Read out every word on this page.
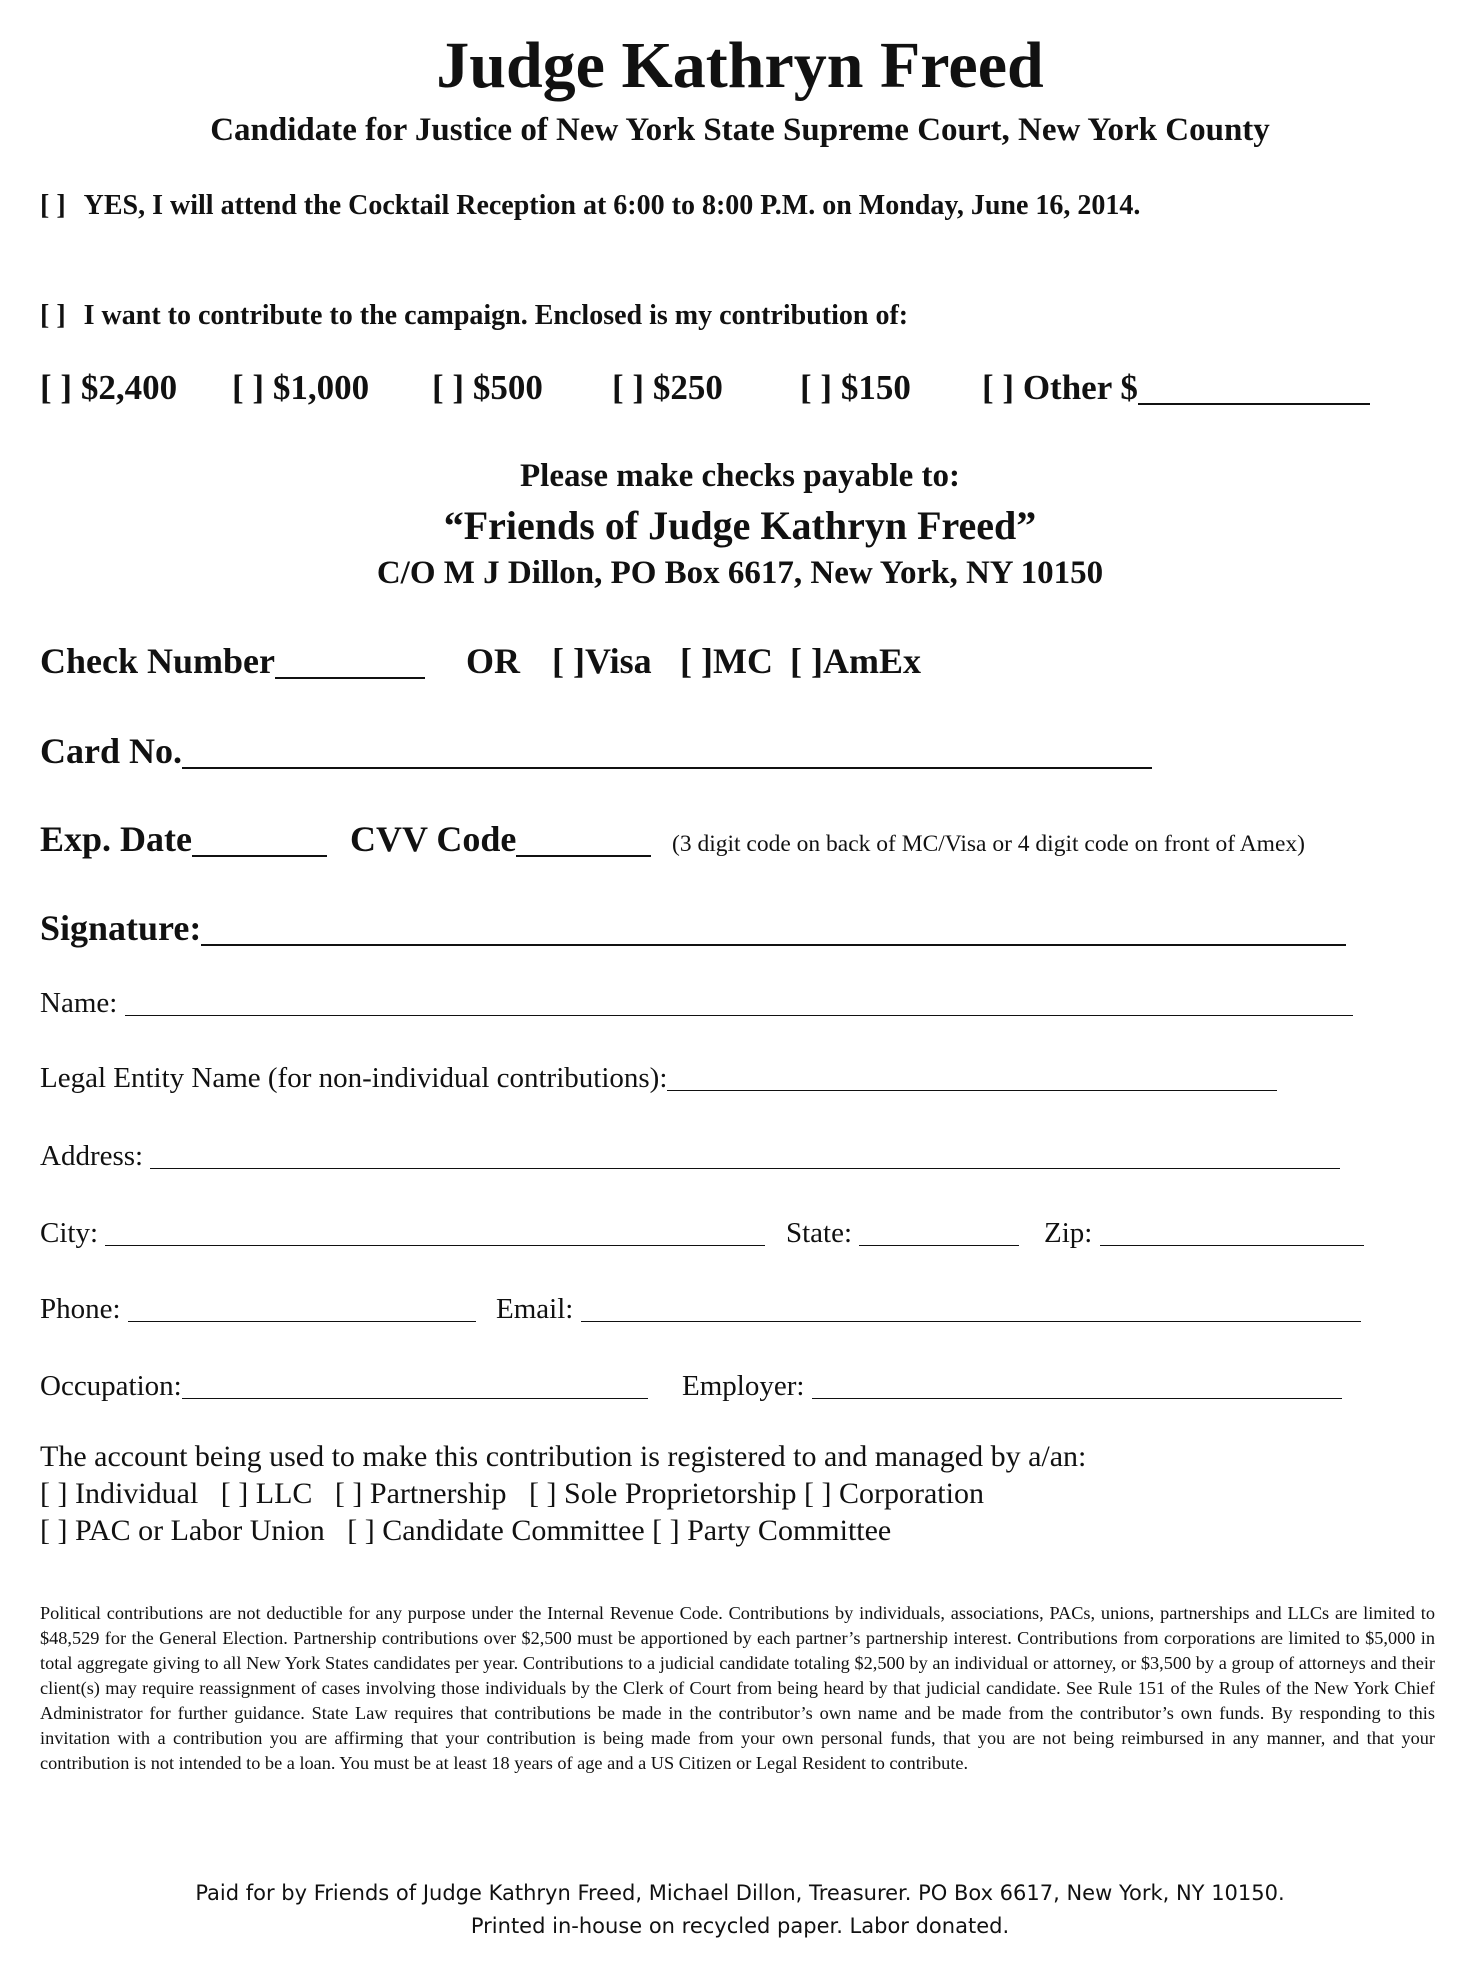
Judge Kathryn Freed
Candidate for Justice of New York State Supreme Court, New York County
[ ] YES, I will attend the Cocktail Reception at 6:00 to 8:00 P.M. on Monday, June 16, 2014.
[ ] I want to contribute to the campaign. Enclosed is my contribution of:
[ ] $2,400 [ ] $1,000 [ ] $500 [ ] $250 [ ] $150 [ ] Other $
Please make checks payable to:
“Friends of Judge Kathryn Freed”
C/O M J Dillon, PO Box 6617, New York, NY 10150
Check Number	OR [ ]Visa [ ]MC [ ]AmEx
Card No.
Exp. Date	CVV Code	(3 digit code on back of MC/Visa or 4 digit code on front of Amex)
Signature:
Name:
Legal Entity Name (for non-individual contributions):
Address:
City:	State:	Zip:
Phone:	Email:
Occupation:	Employer:
The account being used to make this contribution is registered to and managed by a/an:
[ ] Individual   [ ] LLC   [ ] Partnership   [ ] Sole Proprietorship [ ] Corporation
[ ] PAC or Labor Union   [ ] Candidate Committee [ ] Party Committee
Political contributions are not deductible for any purpose under the Internal Revenue Code. Contributions by individuals, associations, PACs, unions, partnerships and LLCs are limited to $48,529 for the General Election. Partnership contributions over $2,500 must be apportioned by each partner’s partnership interest. Contributions from corporations are limited to $5,000 in total aggregate giving to all New York States candidates per year. Contributions to a judicial candidate totaling $2,500 by an individual or attorney, or $3,500 by a group of attorneys and their client(s) may require reassignment of cases involving those individuals by the Clerk of Court from being heard by that judicial candidate. See Rule 151 of the Rules of the New York Chief Administrator for further guidance. State Law requires that contributions be made in the contributor’s own name and be made from the contributor’s own funds. By responding to this invitation with a contribution you are affirming that your contribution is being made from your own personal funds, that you are not being reimbursed in any manner, and that your contribution is not intended to be a loan. You must be at least 18 years of age and a US Citizen or Legal Resident to contribute.
Paid for by Friends of Judge Kathryn Freed, Michael Dillon, Treasurer. PO Box 6617, New York, NY 10150.
Printed in-house on recycled paper. Labor donated.
